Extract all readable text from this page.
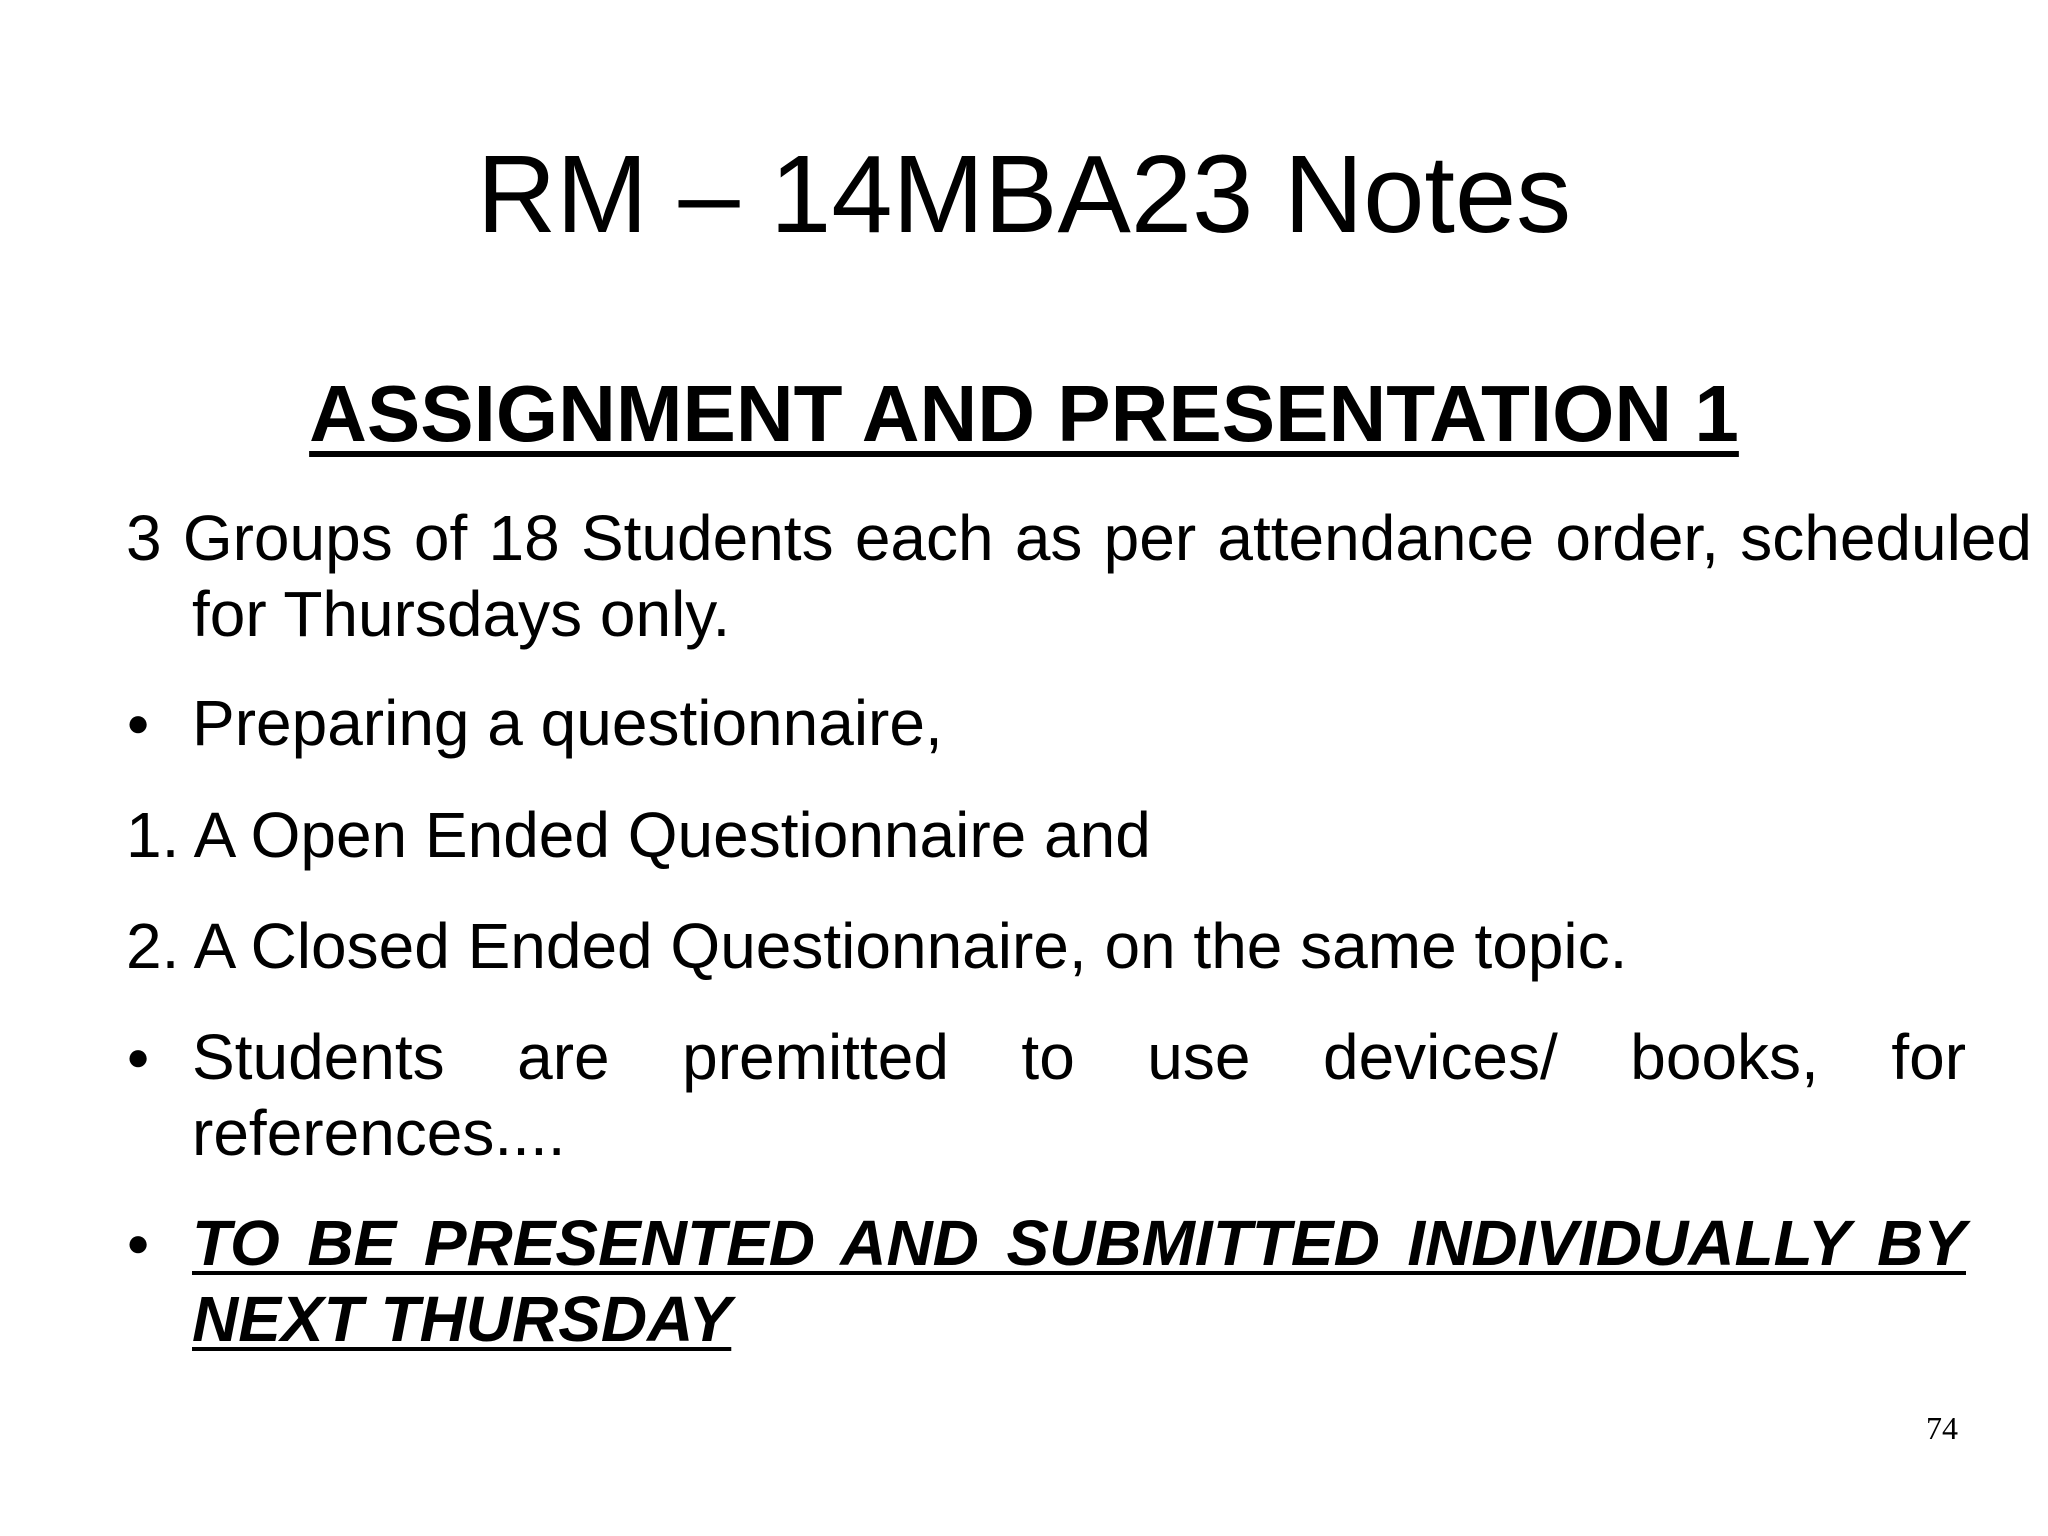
RM – 14MBA23 Notes
ASSIGNMENT AND PRESENTATION 1
3 Groups of 18 Students each as per attendance order, scheduled for Thursdays only.
● Preparing a questionnaire,
1. A Open Ended Questionnaire and
2. A Closed Ended Questionnaire, on the same topic.
● Students are premitted to use devices/ books, for references....
● TO BE PRESENTED AND SUBMITTED INDIVIDUALLY BY NEXT THURSDAY
74
